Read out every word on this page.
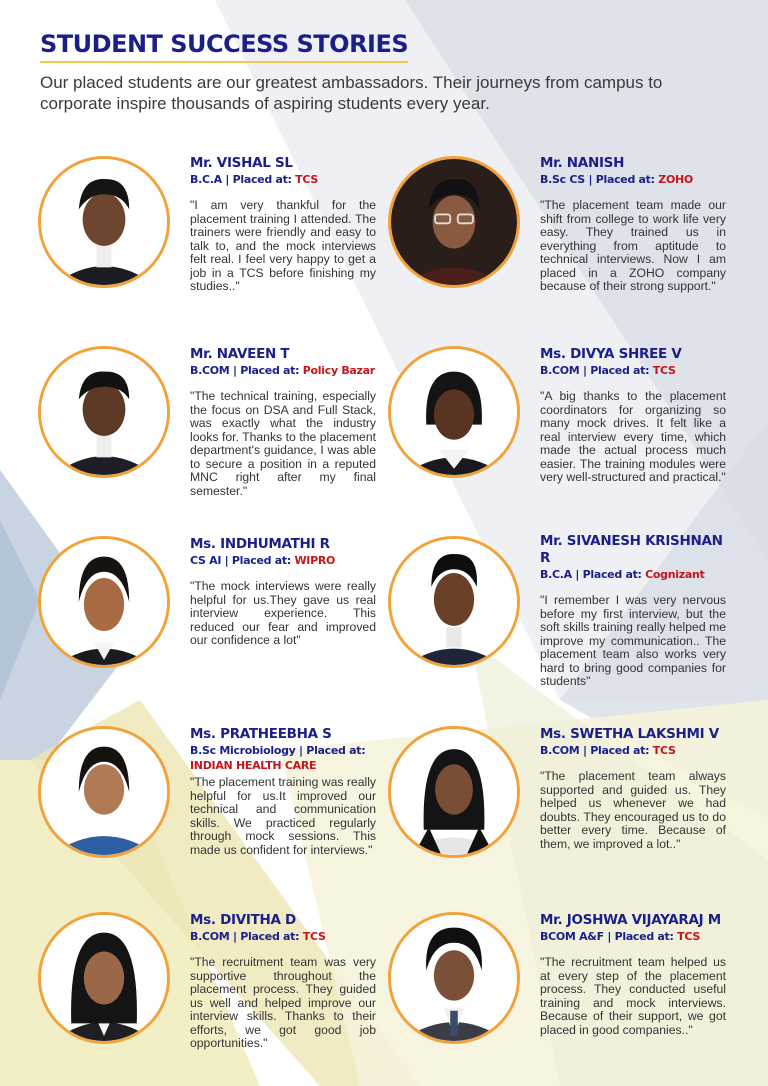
STUDENT SUCCESS STORIES
Our placed students are our greatest ambassadors. Their journeys from campus to corporate inspire thousands of aspiring students every year.
Mr. VISHAL SL
B.C.A | Placed at: TCS
"I am very thankful for the placement training I attended. The trainers were friendly and easy to talk to, and the mock interviews felt real. I feel very happy to get a job in a TCS before finishing my studies.."
Mr. NANISH
B.Sc CS | Placed at: ZOHO
"The placement team made our shift from college to work life very easy. They trained us in everything from aptitude to technical interviews. Now I am placed in a ZOHO company because of their strong support."
Mr. NAVEEN T
B.COM | Placed at: Policy Bazar
"The technical training, especially the focus on DSA and Full Stack, was exactly what the industry looks for. Thanks to the placement department's guidance, I was able to secure a position in a reputed MNC right after my final semester."
Ms. DIVYA SHREE V
B.COM | Placed at: TCS
"A big thanks to the placement coordinators for organizing so many mock drives. It felt like a real interview every time, which made the actual process much easier. The training modules were very well-structured and practical."
Ms. INDHUMATHI R
CS AI | Placed at: WIPRO
"The mock interviews were really helpful for us.They gave us real interview experience. This reduced our fear and improved our confidence a lot"
Mr. SIVANESH KRISHNAN R
B.C.A | Placed at: Cognizant
"I remember I was very nervous before my first interview, but the soft skills training really helped me improve my communication.. The placement team also works very hard to bring good companies for students"
Ms. PRATHEEBHA S
B.Sc Microbiology | Placed at:
INDIAN HEALTH CARE
"The placement training was really helpful for us.It improved our technical and communication skills. We practiced regularly through mock sessions. This made us confident for interviews."
Ms. SWETHA LAKSHMI V
B.COM | Placed at: TCS
"The placement team always supported and guided us. They helped us whenever we had doubts. They encouraged us to do better every time. Because of them, we improved a lot.."
Ms. DIVITHA D
B.COM | Placed at: TCS
"The recruitment team was very supportive throughout the placement process. They guided us well and helped improve our interview skills. Thanks to their efforts, we got good job opportunities."
Mr. JOSHWA VIJAYARAJ M
BCOM A&F | Placed at: TCS
"The recruitment team helped us at every step of the placement process. They conducted useful training and mock interviews. Because of their support, we got placed in good companies.."
